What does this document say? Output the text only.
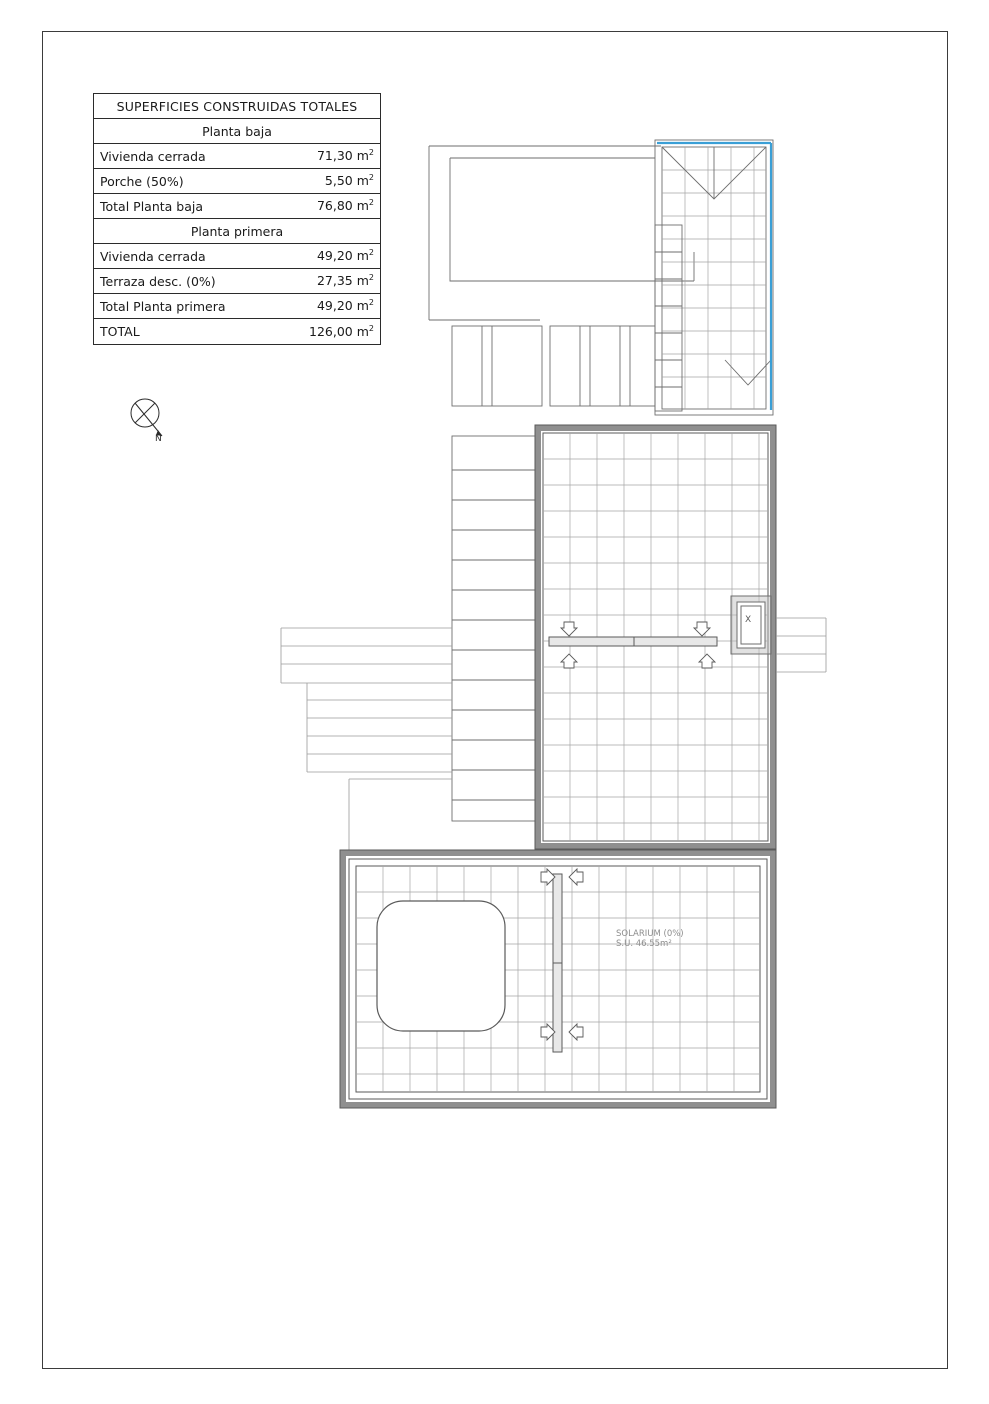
SUPERFICIES CONSTRUIDAS TOTALES
Planta baja
Vivienda cerrada	71,30 $m^2$
Porche (50%)	5,50 $m^2$
Total Planta baja	76,80 $m^2$
Planta primera
Vivienda cerrada	49,20 $m^2$
Terraza desc. (0%)	27,35 $m^2$
Total Planta primera	49,20 $m^2$
TOTAL	126,00 $m^2$
N
SOLARIUM (0%)
S.U. 46.55m²
X
